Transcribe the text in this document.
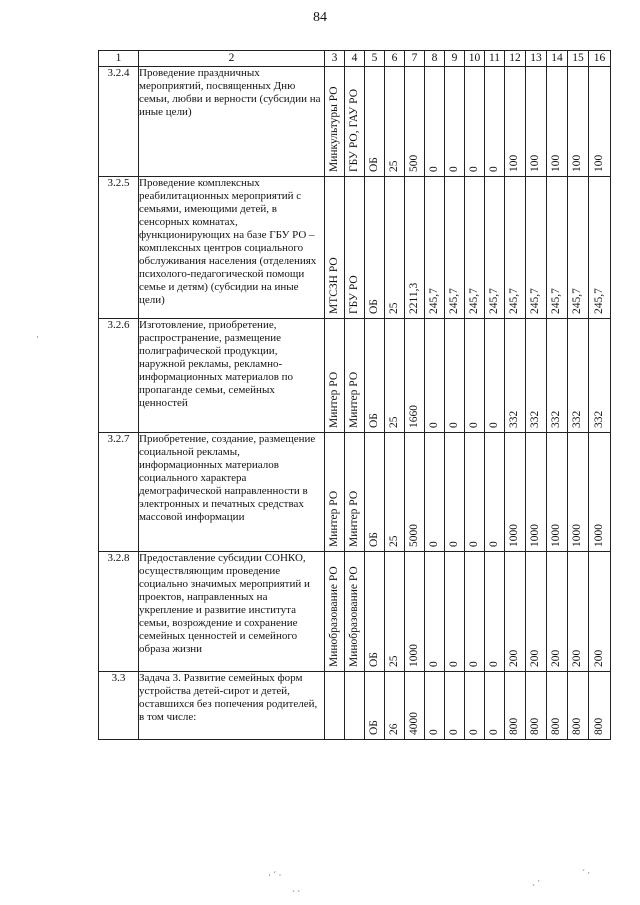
84
1	2	3	4	5	6	7	8	9	10	11	12	13	14	15	16
3.2.4	Проведение праздничных мероприятий, посвященных Дню семьи, любви и верности (субсидии на иные цели)	Минкультуры РО	ГБУ РО, ГАУ РО	ОБ	25	500	0	0	0	0	100	100	100	100	100

3.2.5	Проведение комплексных реабилитационных мероприятий с семьями, имеющими детей, в сенсорных комнатах, функционирующих на базе ГБУ РО – комплексных центров социального обслуживания населения (отделениях психолого-педагогической помощи семье и детям) (субсидии на иные цели)	МТСЗН РО	ГБУ РО	ОБ	25	2211,3	245,7	245,7	245,7	245,7	245,7	245,7	245,7	245,7	245,7

3.2.6	Изготовление, приобретение, распространение, размещение полиграфической продукции, наружной рекламы, рекламно-информационных материалов по пропаганде семьи, семейных ценностей	Минтер РО	Минтер РО	ОБ	25	1660	0	0	0	0	332	332	332	332	332

3.2.7	Приобретение, создание, размещение социальной рекламы, информационных материалов социального характера демографической направленности в электронных и печатных средствах массовой информации	Минтер РО	Минтер РО	ОБ	25	5000	0	0	0	0	1000	1000	1000	1000	1000

3.2.8	Предоставление субсидии СОНКО, осуществляющим проведение социально значимых мероприятий и проектов, направленных на укрепление и развитие института семьи, возрождение и сохранение семейных ценностей и семейного образа жизни	Минобразование РО	Минобразование РО	ОБ	25	1000	0	0	0	0	200	200	200	200	200

3.3	Задача 3. Развитие семейных форм устройства детей-сирот и детей, оставшихся без попечения родителей, в том числе:			ОБ	26	4000	0	0	0	0	800	800	800	800	800
·
· ˊ ·
ˏ ˎ
ˎ ·
ˊ ·
